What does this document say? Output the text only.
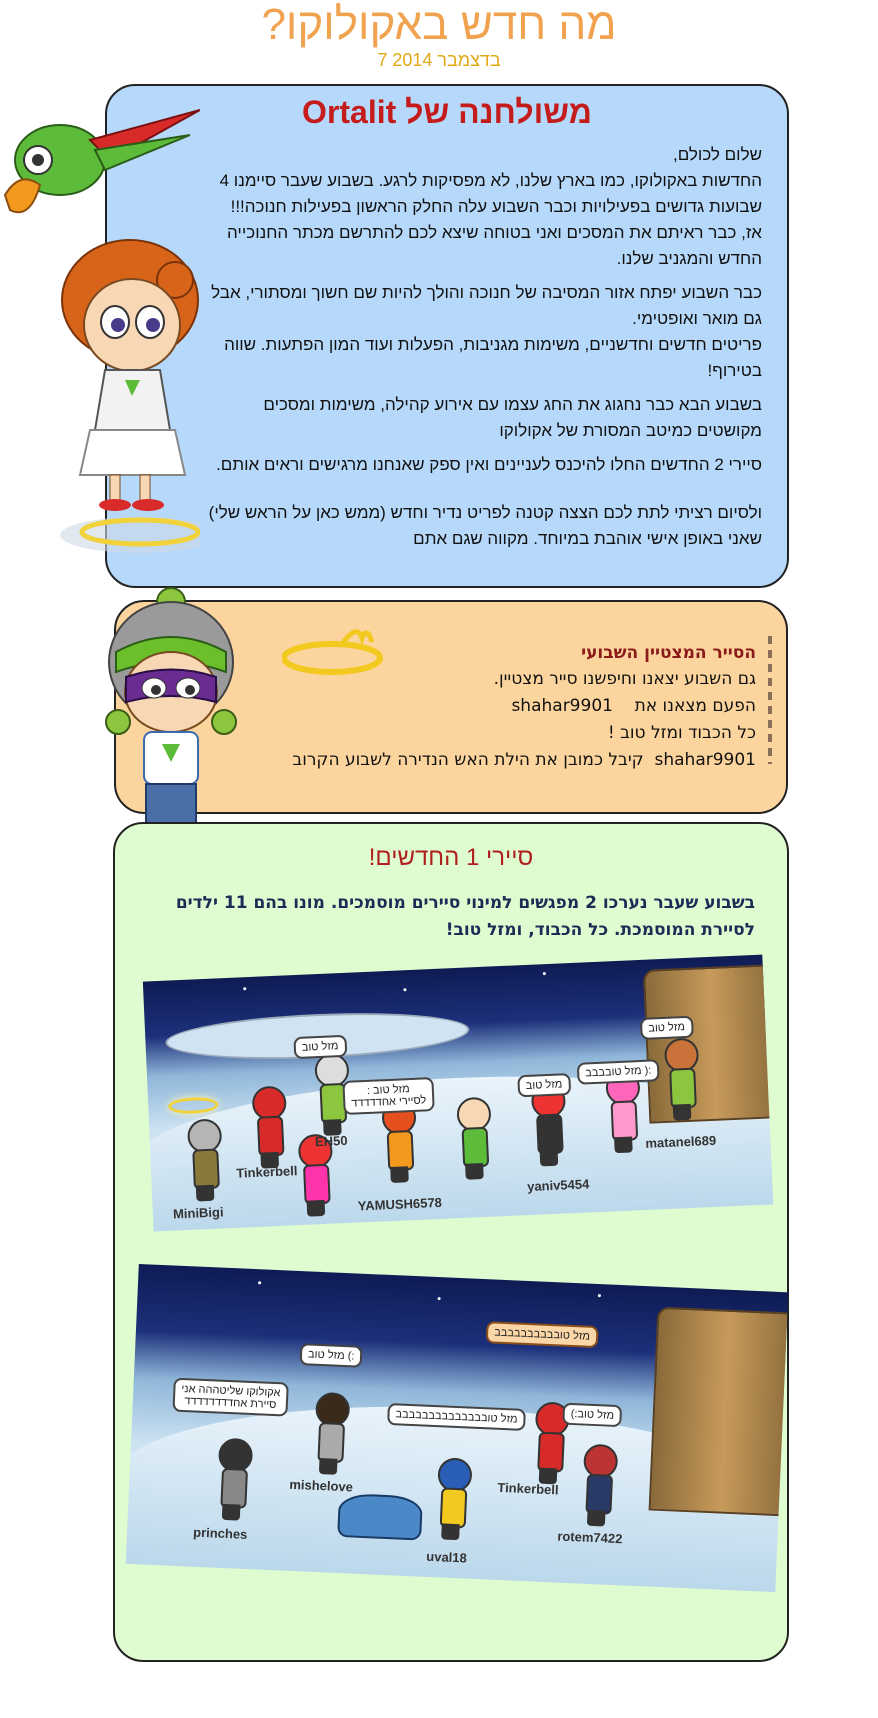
מה חדש באקולוקו?
7 בדצמבר 2014
משולחנה של Ortalit

שלום לכולם,
החדשות באקולוקו, כמו בארץ שלנו, לא מפסיקות לרגע. בשבוע שעבר סיימנו 4 שבועות גדושים בפעילויות וכבר השבוע עלה החלק הראשון בפעילות חנוכה!!!
אז, כבר ראיתם את המסכים ואני בטוחה שיצא לכם להתרשם מכתר החנוכייה החדש והמגניב שלנו.

כבר השבוע יפתח אזור המסיבה של חנוכה והולך להיות שם חשוך ומסתורי, אבל גם מואר ואופטימי.
פריטים חדשים וחדשניים, משימות מגניבות, הפעלות ועוד המון הפתעות. שווה בטירוף!

בשבוע הבא כבר נחגוג את החג עצמו עם אירוע קהילה, משימות ומסכים מקושטים כמיטב המסורת של אקולוקו

סיירי 2 החדשים החלו להיכנס לעניינים ואין ספק שאנחנו מרגישים וראים אותם.

ולסיום רציתי לתת לכם הצצה קטנה לפריט נדיר וחדש (ממש כאן על הראש שלי) שאני באופן אישי אוהבת במיוחד. מקווה שגם אתם

הסייר המצטיין השבועי
גם השבוע יצאנו וחיפשנו סייר מצטיין.
הפעם מצאנו את    shahar9901
כל הכבוד ומזל טוב !
shahar9901  קיבל כמובן את הילת האש הנדירה לשבוע הקרוב
סיירי 1 החדשים!
בשבוע שעבר נערכו 2 מפגשים למינוי סיירים מוסמכים. מונו בהם 11 ילדים לסיירת המוסמכת. כל הכבוד, ומזל טוב!
MiniBigi
Tinkerbell
EH50
YAMUSH6578
yaniv5454
matanel689
מזל טוב
מזל טוב :
לסיירי אחדדדדד
מזל טוב
:( מזל טובבבב
מזל טוב
prinches
mishelove
uval18
Tinkerbell
rotem7422
אקולוקו שליטההה אני
סיירת אחדדדדדדדד
:) מזל טוב
מזל טובבבבבבבבבבבבבב
מזל טובבבבבבבבבב
מזל טוב:)
